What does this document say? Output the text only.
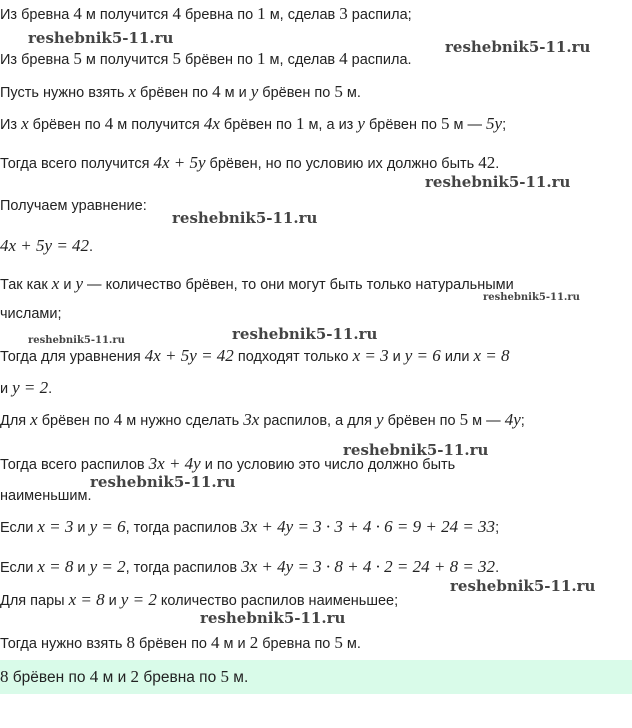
Из бревна 4 м получится 4 бревна по 1 м, сделав 3 распила;
Из бревна 5 м получится 5 брёвен по 1 м, сделав 4 распила.
Пусть нужно взять x брёвен по 4 м и y брёвен по 5 м.
Из x брёвен по 4 м получится 4x брёвен по 1 м, а из y брёвен по 5 м — 5y;
Тогда всего получится 4x + 5y брёвен, но по условию их должно быть 42.
Получаем уравнение:
4x + 5y = 42.
Так как x и y — количество брёвен, то они могут быть только натуральными
числами;
Тогда для уравнения 4x + 5y = 42 подходят только x = 3 и y = 6 или x = 8
и y = 2.
Для x брёвен по 4 м нужно сделать 3x распилов, а для y брёвен по 5 м — 4y;
Тогда всего распилов 3x + 4y и по условию это число должно быть
наименьшим.
Если x = 3 и y = 6, тогда распилов 3x + 4y = 3 · 3 + 4 · 6 = 9 + 24 = 33;
Если x = 8 и y = 2, тогда распилов 3x + 4y = 3 · 8 + 4 · 2 = 24 + 8 = 32.
Для пары x = 8 и y = 2 количество распилов наименьшее;
Тогда нужно взять 8 брёвен по 4 м и 2 бревна по 5 м.
8 брёвен по 4 м и 2 бревна по 5 м.
reshebnik5-11.ru	reshebnik5-11.ru
reshebnik5-11.ru
reshebnik5-11.ru
reshebnik5-11.ru
reshebnik5-11.ru	reshebnik5-11.ru
reshebnik5-11.ru
reshebnik5-11.ru
reshebnik5-11.ru
reshebnik5-11.ru
